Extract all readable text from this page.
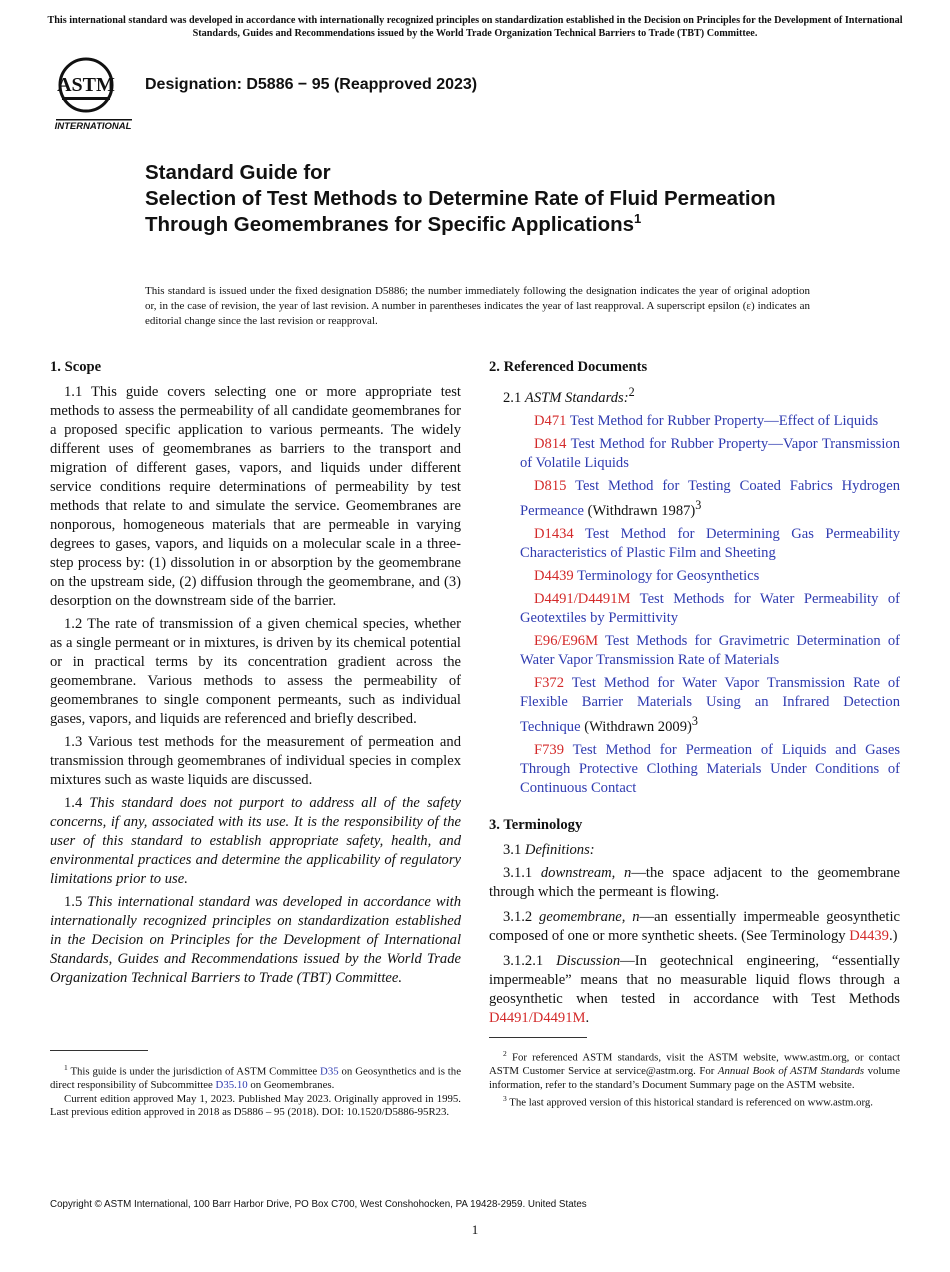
This international standard was developed in accordance with internationally recognized principles on standardization established in the Decision on Principles for the Development of International Standards, Guides and Recommendations issued by the World Trade Organization Technical Barriers to Trade (TBT) Committee.
ASTM
INTERNATIONAL
Designation: D5886 − 95 (Reapproved 2023)
Standard Guide for
Selection of Test Methods to Determine Rate of Fluid Permeation Through Geomembranes for Specific Applications$^1$
This standard is issued under the fixed designation D5886; the number immediately following the designation indicates the year of original adoption or, in the case of revision, the year of last revision. A number in parentheses indicates the year of last reapproval. A superscript epsilon (ε) indicates an editorial change since the last revision or reapproval.
1. Scope

1.1 This guide covers selecting one or more appropriate test methods to assess the permeability of all candidate geomembranes for a proposed specific application to various permeants. The widely different uses of geomembranes as barriers to the transport and migration of different gases, vapors, and liquids under different service conditions require determinations of permeability by test methods that relate to and simulate the service. Geomembranes are nonporous, homogeneous materials that are permeable in varying degrees to gases, vapors, and liquids on a molecular scale in a three-step process by: (1) dissolution in or absorption by the geomembrane on the upstream side, (2) diffusion through the geomembrane, and (3) desorption on the downstream side of the barrier.

1.2 The rate of transmission of a given chemical species, whether as a single permeant or in mixtures, is driven by its chemical potential or in practical terms by its concentration gradient across the geomembrane. Various methods to assess the permeability of geomembranes to single component permeants, such as individual gases, vapors, and liquids are referenced and briefly described.

1.3 Various test methods for the measurement of permeation and transmission through geomembranes of individual species in complex mixtures such as waste liquids are discussed.

1.4 This standard does not purport to address all of the safety concerns, if any, associated with its use. It is the responsibility of the user of this standard to establish appropriate safety, health, and environmental practices and determine the applicability of regulatory limitations prior to use.

1.5 This international standard was developed in accordance with internationally recognized principles on standardization established in the Decision on Principles for the Development of International Standards, Guides and Recommendations issued by the World Trade Organization Technical Barriers to Trade (TBT) Committee.

2. Referenced Documents

2.1 ASTM Standards:$^2$

D471 Test Method for Rubber Property—Effect of Liquids

D814 Test Method for Rubber Property—Vapor Transmission of Volatile Liquids

D815 Test Method for Testing Coated Fabrics Hydrogen Permeance (Withdrawn 1987)$^3$

D1434 Test Method for Determining Gas Permeability Characteristics of Plastic Film and Sheeting

D4439 Terminology for Geosynthetics

D4491/D4491M Test Methods for Water Permeability of Geotextiles by Permittivity

E96/E96M Test Methods for Gravimetric Determination of Water Vapor Transmission Rate of Materials

F372 Test Method for Water Vapor Transmission Rate of Flexible Barrier Materials Using an Infrared Detection Technique (Withdrawn 2009)$^3$

F739 Test Method for Permeation of Liquids and Gases Through Protective Clothing Materials Under Conditions of Continuous Contact

3. Terminology

3.1 Definitions:

3.1.1 downstream, n—the space adjacent to the geomembrane through which the permeant is flowing.

3.1.2 geomembrane, n—an essentially impermeable geosynthetic composed of one or more synthetic sheets. (See Terminology D4439.)

3.1.2.1 Discussion—In geotechnical engineering, “essentially impermeable” means that no measurable liquid flows through a geosynthetic when tested in accordance with Test Methods D4491/D4491M.

$^1$ This guide is under the jurisdiction of ASTM Committee D35 on Geosynthetics and is the direct responsibility of Subcommittee D35.10 on Geomembranes.

Current edition approved May 1, 2023. Published May 2023. Originally approved in 1995. Last previous edition approved in 2018 as D5886 – 95 (2018). DOI: 10.1520/D5886-95R23.

$^2$ For referenced ASTM standards, visit the ASTM website, www.astm.org, or contact ASTM Customer Service at service@astm.org. For Annual Book of ASTM Standards volume information, refer to the standard’s Document Summary page on the ASTM website.

$^3$ The last approved version of this historical standard is referenced on www.astm.org.

Copyright © ASTM International, 100 Barr Harbor Drive, PO Box C700, West Conshohocken, PA 19428-2959. United States
1
